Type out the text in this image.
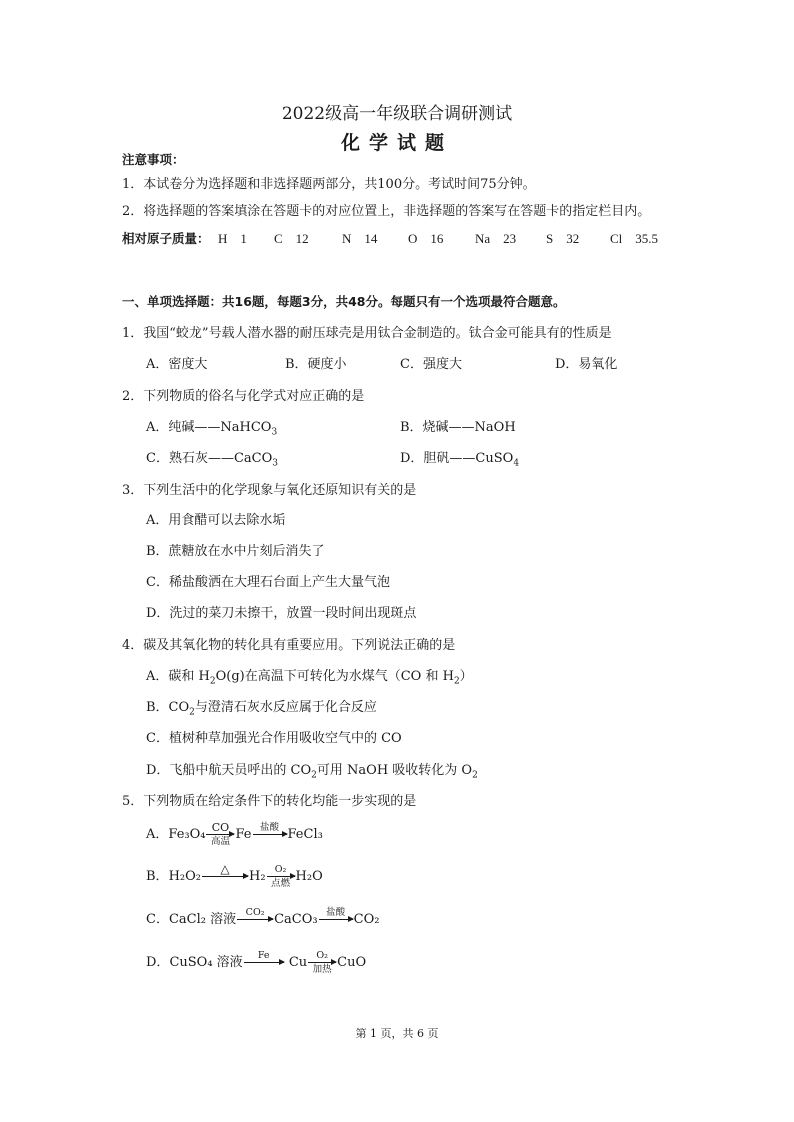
2022级高一年级联合调研测试
化学试题
注意事项：
1．本试卷分为选择题和非选择题两部分，共100分。考试时间75分钟。
2．将选择题的答案填涂在答题卡的对应位置上，非选择题的答案写在答题卡的指定栏目内。
相对原子质量： H 1 C 12	N 14 O 16 Na 23 S 32 Cl 35.5
一、单项选择题：共16题，每题3分，共48分。每题只有一个选项最符合题意。
1．我国“蛟龙”号载人潜水器的耐压球壳是用钛合金制造的。钛合金可能具有的性质是
A．密度大	B．硬度小	C．强度大	D．易氧化
2．下列物质的俗名与化学式对应正确的是
A．纯碱——NaHCO$_3$	B．烧碱——NaOH
C．熟石灰——CaCO$_3$	D．胆矾——CuSO$_4$
3．下列生活中的化学现象与氧化还原知识有关的是
A．用食醋可以去除水垢
B．蔗糖放在水中片刻后消失了
C．稀盐酸洒在大理石台面上产生大量气泡
D．洗过的菜刀未擦干，放置一段时间出现斑点
4．碳及其氧化物的转化具有重要应用。下列说法正确的是
A．碳和 $H_2O(g)$在高温下可转化为水煤气（CO 和 $H_2$）
B．$CO_2$与澄清石灰水反应属于化合反应
C．植树种草加强光合作用吸收空气中的 CO
D．飞船中航天员呼出的 $CO_2$可用 NaOH 吸收转化为 $O_2$
5．下列物质在给定条件下的转化均能一步实现的是
A．Fe₃O₄ CO
高温 Fe 盐酸
FeCl₃
B．H₂O₂ △
H₂ O₂
点燃 H₂O
C．CaCl₂ 溶液 CO₂
CaCO₃ 盐酸
CO₂
D．CuSO₄ 溶液 Fe
Cu O₂
加热 CuO
第 1 页，共 6 页
